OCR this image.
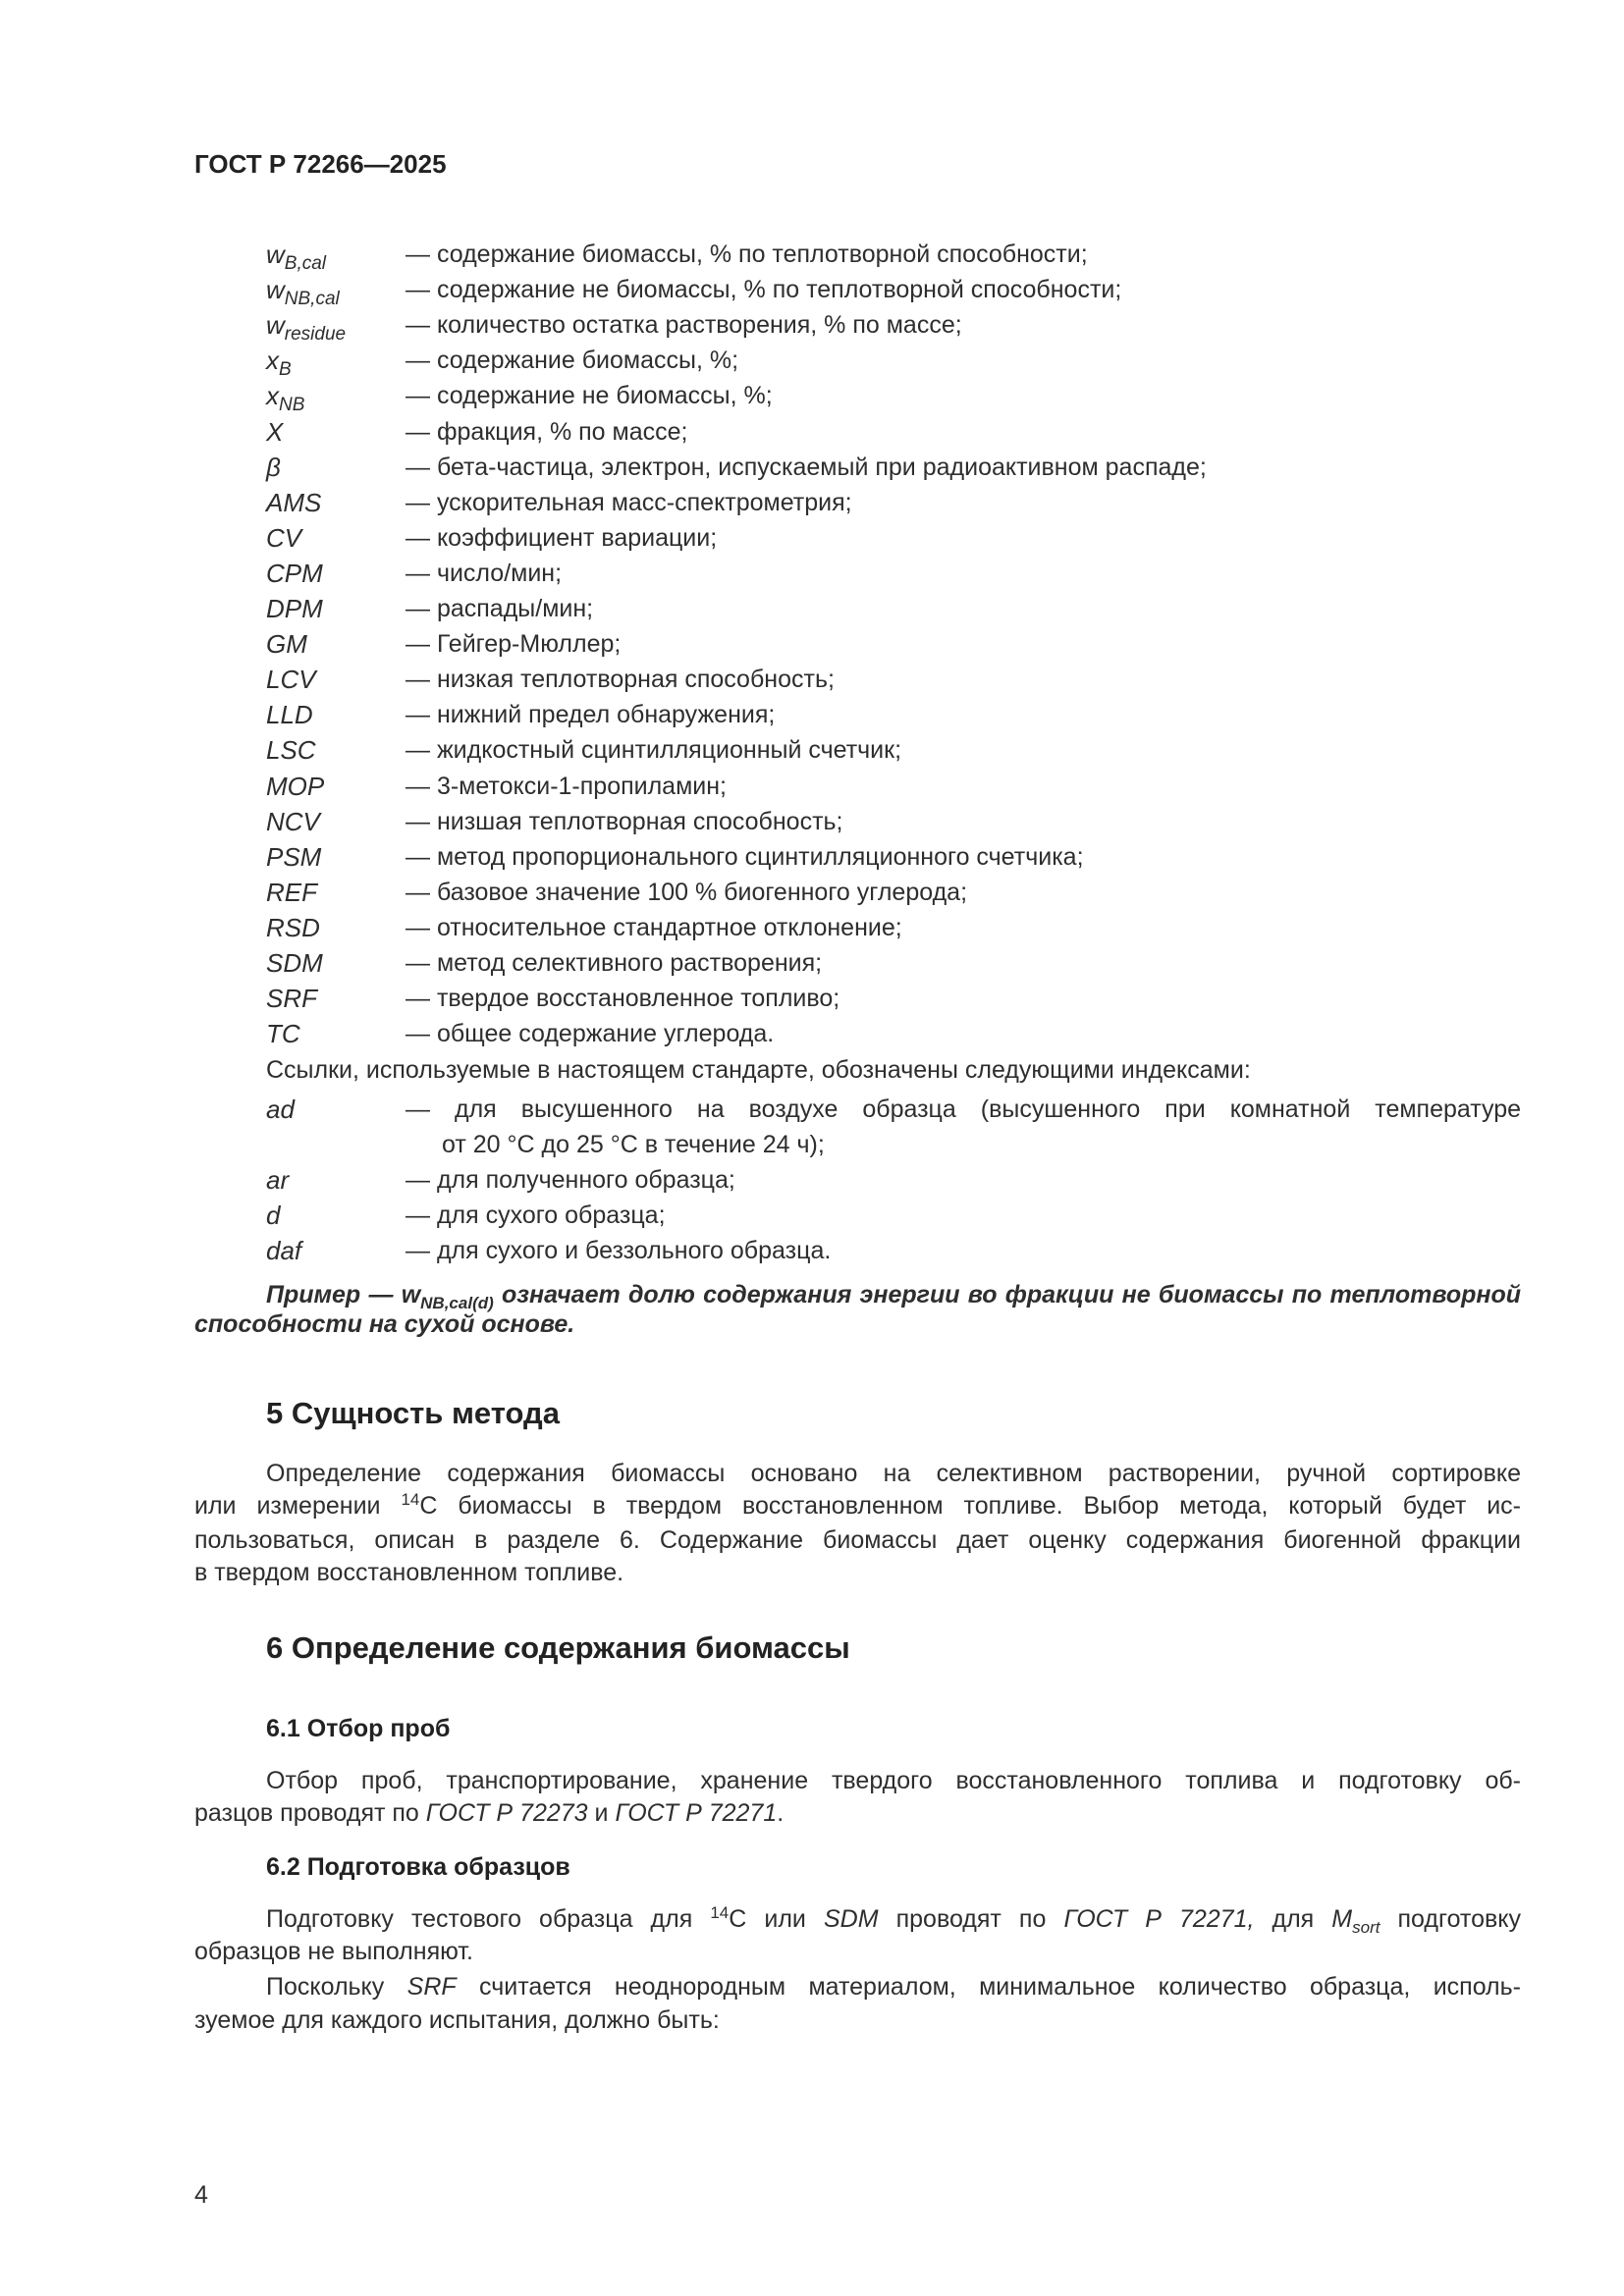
ГОСТ Р 72266—2025
$w_{B,cal}$	— содержание биомассы, % по теплотворной способности;
$w_{NB,cal}$	— содержание не биомассы, % по теплотворной способности;
$w_{residue}$ — количество остатка растворения, % по массе;
$x_B$	— содержание биомассы, %;
$x_{NB}$	— содержание не биомассы, %;
X	— фракция, % по массе;
β	— бета-частица, электрон, испускаемый при радиоактивном распаде;
AMS	— ускорительная масс-спектрометрия;
CV	— коэффициент вариации;
CPM	— число/мин;
DPM	— распады/мин;
GM	— Гейгер-Мюллер;
LCV	— низкая теплотворная способность;
LLD	— нижний предел обнаружения;
LSC	— жидкостный сцинтилляционный счетчик;
MOP	— 3-метокси-1-пропиламин;
NCV	— низшая теплотворная способность;
PSM	— метод пропорционального сцинтилляционного счетчика;
REF	— базовое значение 100 % биогенного углерода;
RSD	— относительное стандартное отклонение;
SDM	— метод селективного растворения;
SRF	— твердое восстановленное топливо;
TC	— общее содержание углерода.
Ссылки, используемые в настоящем стандарте, обозначены следующими индексами:
ad	— для высушенного на воздухе образца (высушенного при комнатной температуре
от 20 °С до 25 °С в течение 24 ч);
ar	— для полученного образца;
d	— для сухого образца;
daf	— для сухого и беззольного образца.
Пример — $w_{NB,cal(d)}$ означает долю содержания энергии во фракции не биомассы по теплотворной
способности на сухой основе.
5 Сущность метода
Определение содержания биомассы основано на селективном растворении, ручной сортировке
или измерении $^{14}$С биомассы в твердом восстановленном топливе. Выбор метода, который будет ис-
пользоваться, описан в разделе 6. Содержание биомассы дает оценку содержания биогенной фракции
в твердом восстановленном топливе.
6 Определение содержания биомассы
6.1 Отбор проб
Отбор проб, транспортирование, хранение твердого восстановленного топлива и подготовку об-
разцов проводят по ГОСТ Р 72273 и ГОСТ Р 72271.
6.2 Подготовка образцов
Подготовку тестового образца для $^{14}$С или SDM проводят по ГОСТ Р 72271, для $M_{sort}$ подготовку
образцов не выполняют.
Поскольку SRF считается неоднородным материалом, минимальное количество образца, исполь-
зуемое для каждого испытания, должно быть:
4
